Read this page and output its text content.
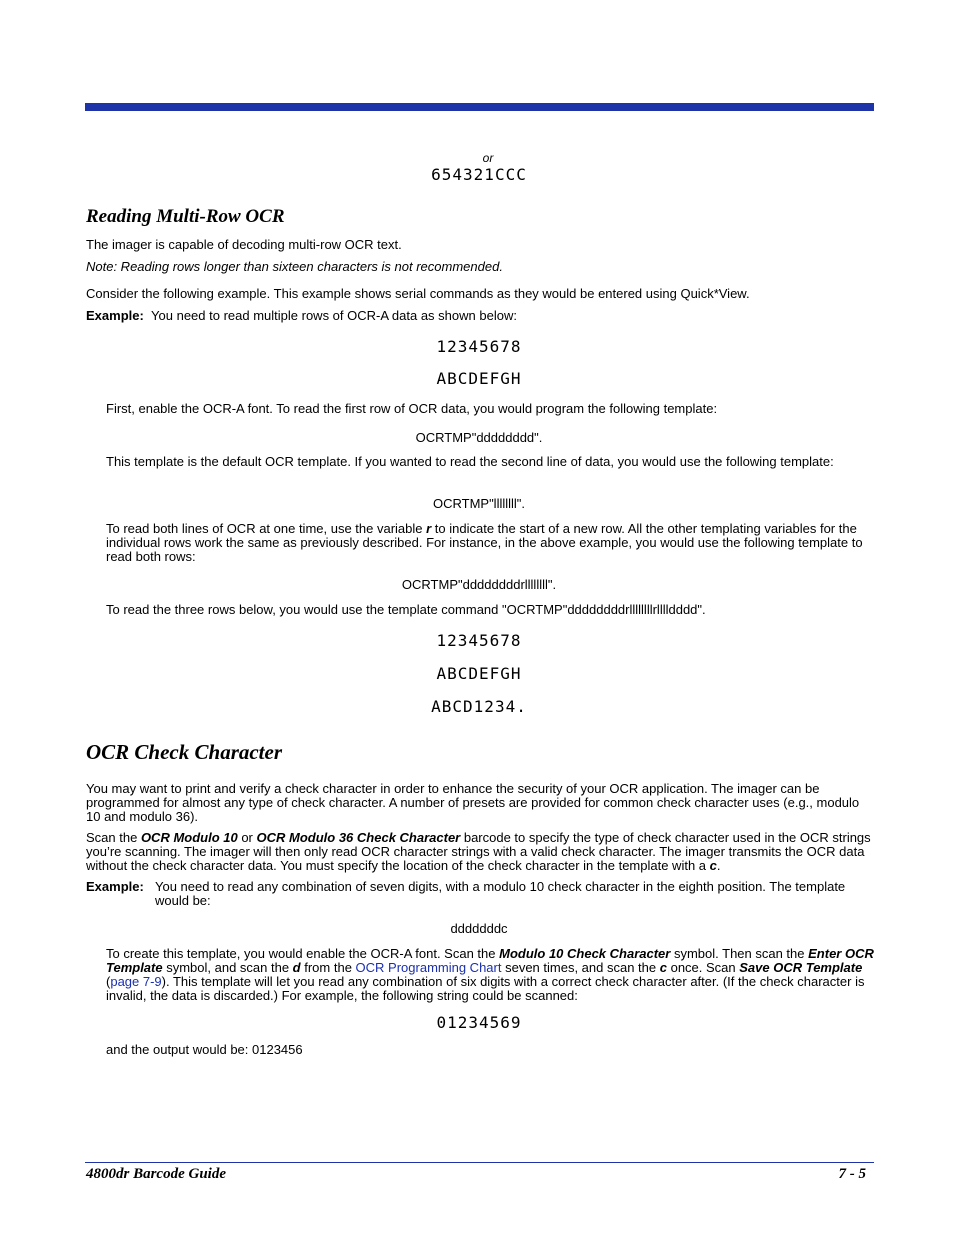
or
654321CCC
Reading Multi-Row OCR
The imager is capable of decoding multi-row OCR text.
Note: Reading rows longer than sixteen characters is not recommended.
Consider the following example. This example shows serial commands as they would be entered using Quick*View.
Example: You need to read multiple rows of OCR-A data as shown below:
12345678
ABCDEFGH
First, enable the OCR-A font. To read the first row of OCR data, you would program the following template:
OCRTMP"dddddddd".
This template is the default OCR template. If you wanted to read the second line of data, you would use the following template:
OCRTMP"llllllll".
To read both lines of OCR at one time, use the variable r to indicate the start of a new row. All the other templating variables for the individual rows work the same as previously described. For instance, in the above example, you would use the following template to read both rows:
OCRTMP"ddddddddrllllllll".
To read the three rows below, you would use the template command "OCRTMP"ddddddddrllllllllrlllldddd".
12345678
ABCDEFGH
ABCD1234.
OCR Check Character
You may want to print and verify a check character in order to enhance the security of your OCR application. The imager can be programmed for almost any type of check character. A number of presets are provided for common check character uses (e.g., modulo 10 and modulo 36).
Scan the OCR Modulo 10 or OCR Modulo 36 Check Character barcode to specify the type of check character used in the OCR strings you’re scanning. The imager will then only read OCR character strings with a valid check character. The imager transmits the OCR data without the check character data. You must specify the location of the check character in the template with a c.
Example: You need to read any combination of seven digits, with a modulo 10 check character in the eighth position. The template would be:
dddddddc
To create this template, you would enable the OCR-A font. Scan the Modulo 10 Check Character symbol. Then scan the Enter OCR Template symbol, and scan the d from the OCR Programming Chart seven times, and scan the c once. Scan Save OCR Template (page 7-9). This template will let you read any combination of six digits with a correct check character after. (If the check character is invalid, the data is discarded.) For example, the following string could be scanned:
01234569
and the output would be: 0123456
4800dr Barcode Guide	7 - 5
